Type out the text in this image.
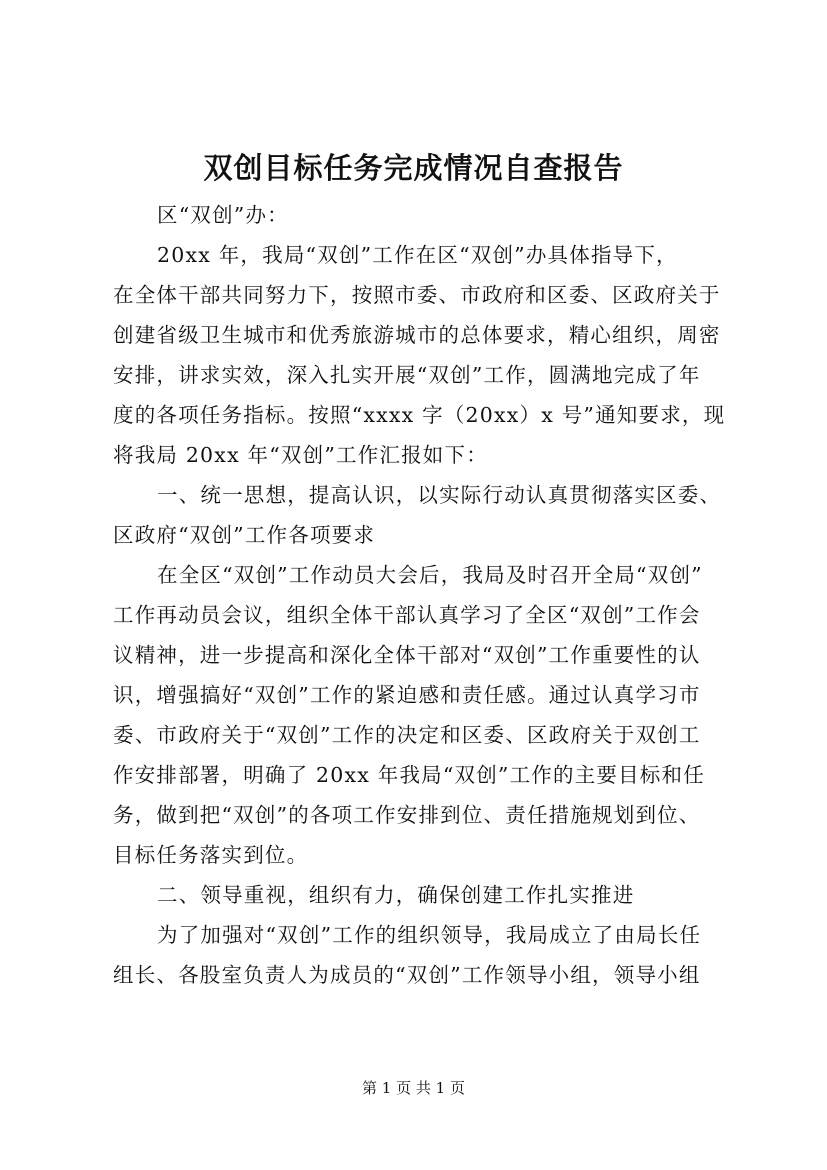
双创目标任务完成情况自查报告
区“双创”办：
20xx 年，我局“双创”工作在区“双创”办具体指导下，
在全体干部共同努力下，按照市委、市政府和区委、区政府关于
创建省级卫生城市和优秀旅游城市的总体要求，精心组织，周密
安排，讲求实效，深入扎实开展“双创”工作，圆满地完成了年
度的各项任务指标。按照“xxxx 字（20xx）x 号”通知要求，现
将我局 20xx 年“双创”工作汇报如下：
一、统一思想，提高认识，以实际行动认真贯彻落实区委、
区政府“双创”工作各项要求
在全区“双创”工作动员大会后，我局及时召开全局“双创”
工作再动员会议，组织全体干部认真学习了全区“双创”工作会
议精神，进一步提高和深化全体干部对“双创”工作重要性的认
识，增强搞好“双创”工作的紧迫感和责任感。通过认真学习市
委、市政府关于“双创”工作的决定和区委、区政府关于双创工
作安排部署，明确了 20xx 年我局“双创”工作的主要目标和任
务，做到把“双创”的各项工作安排到位、责任措施规划到位、
目标任务落实到位。
二、领导重视，组织有力，确保创建工作扎实推进
为了加强对“双创”工作的组织领导，我局成立了由局长任
组长、各股室负责人为成员的“双创”工作领导小组，领导小组
第 1 页 共 1 页
